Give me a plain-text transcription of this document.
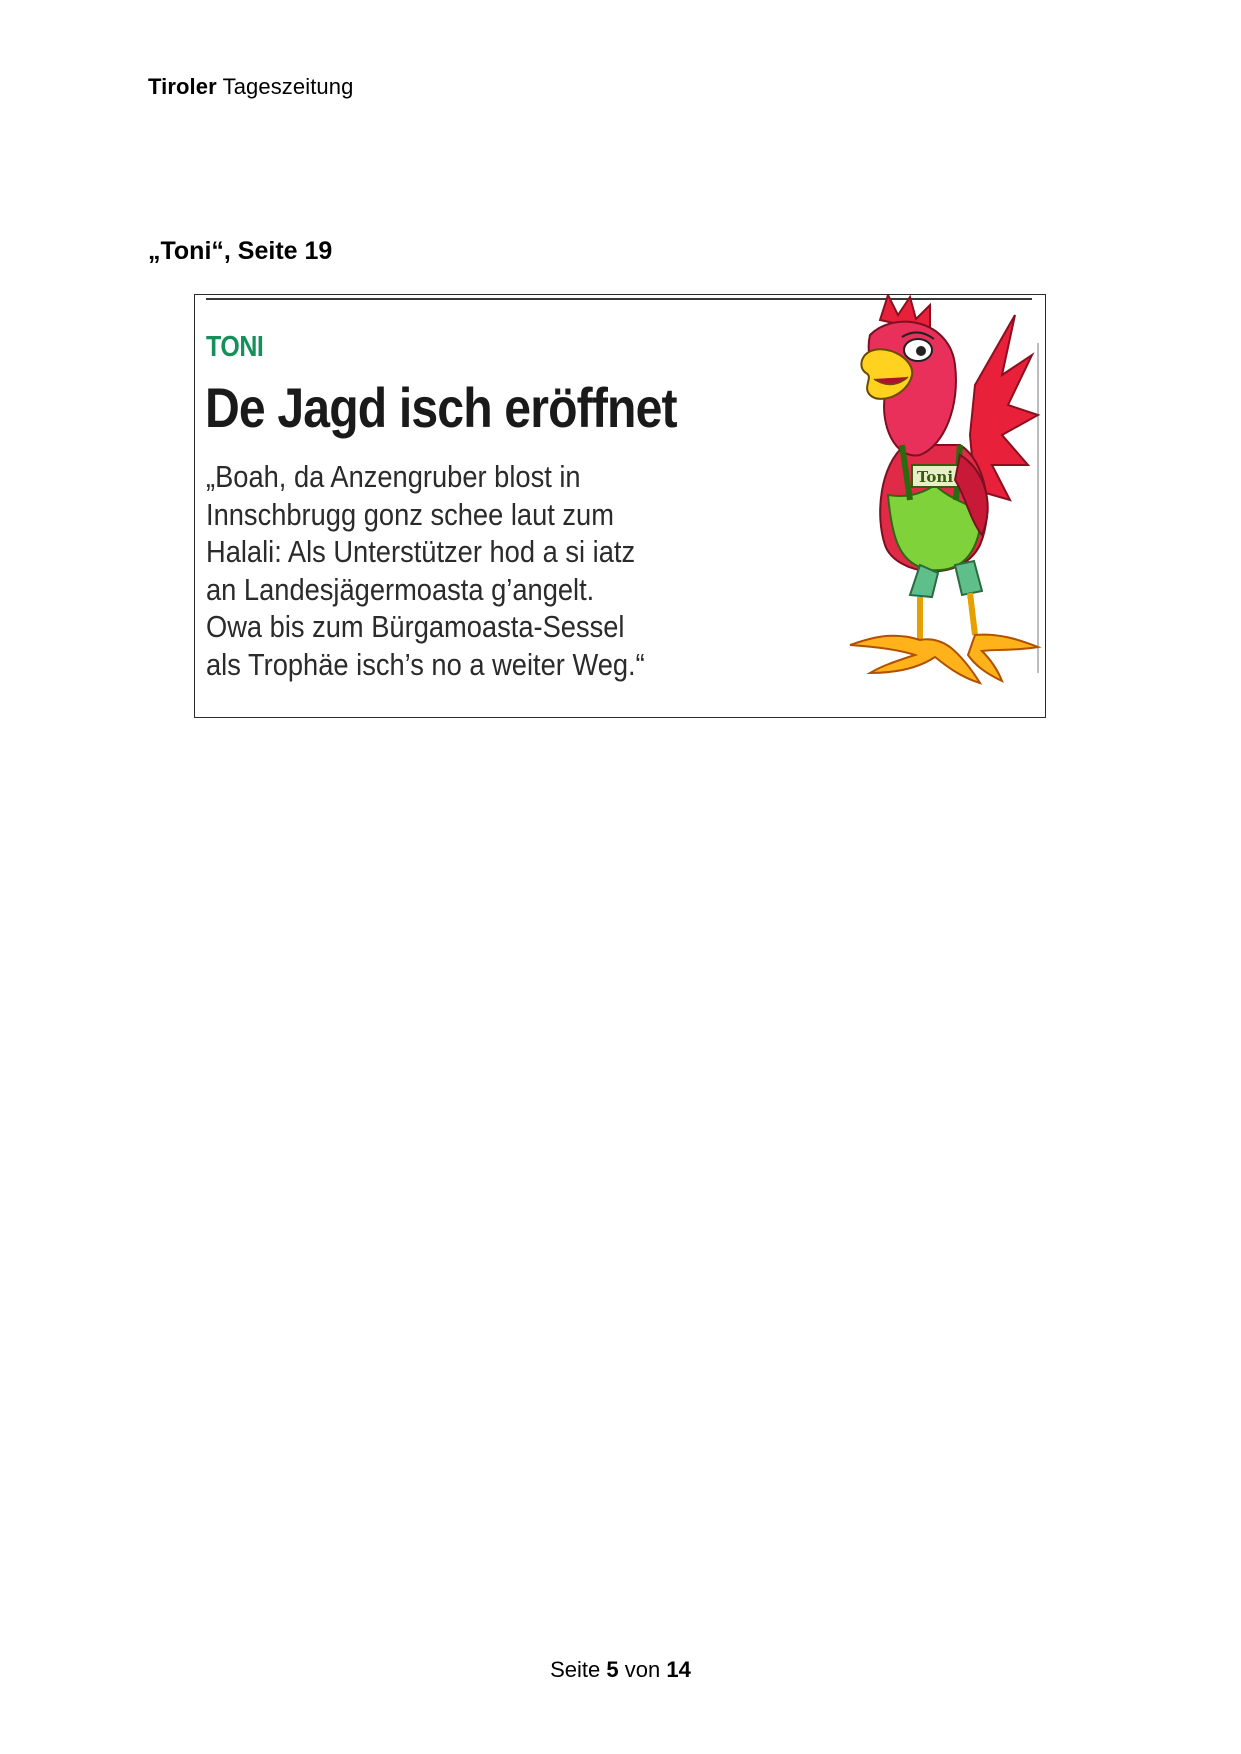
Tiroler Tageszeitung
„Toni“, Seite 19
TONI
De Jagd isch eröffnet
„Boah, da Anzengruber blost in
Innschbrugg gonz schee laut zum
Halali: Als Unterstützer hod a si iatz
an Landesjägermoasta g’angelt.
Owa bis zum Bürgamoasta-Sessel
als Trophäe isch’s no a weiter Weg.“
Toni
Seite 5 von 14
